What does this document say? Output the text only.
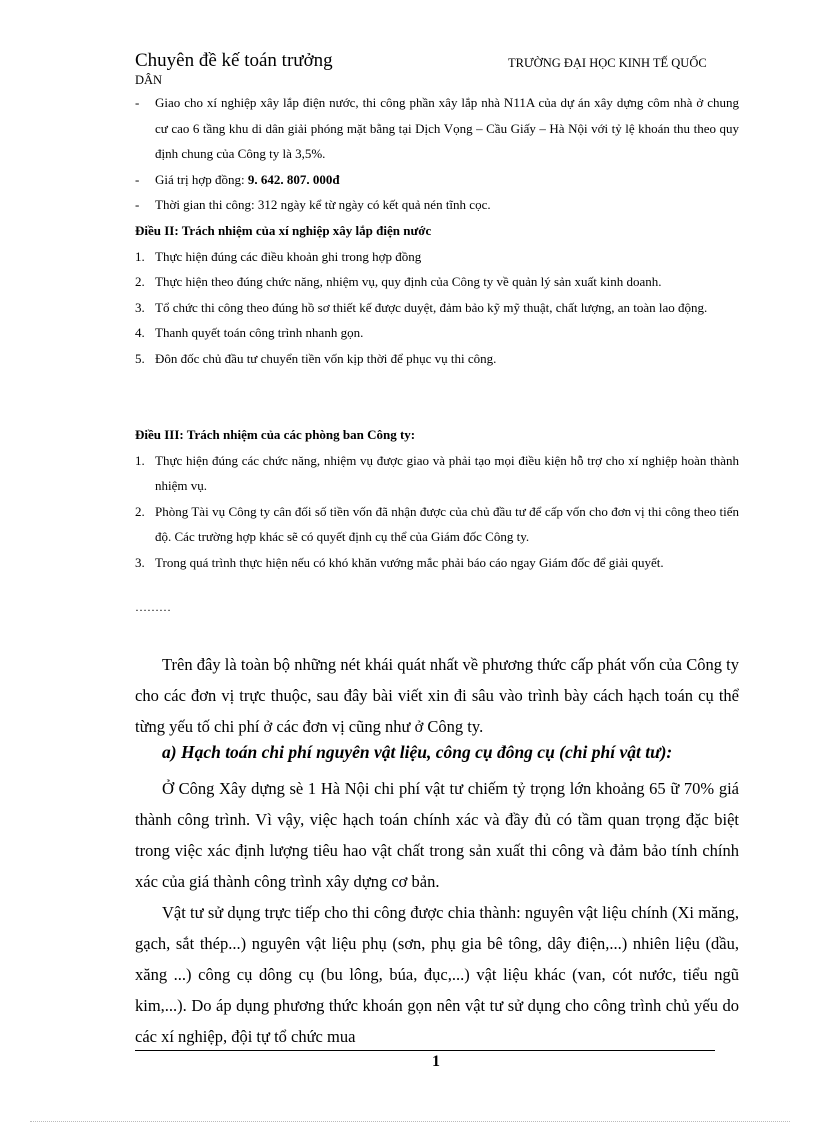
Chuyên đề kế toán trưởng	TRƯỜNG ĐẠI HỌC KINH TẾ QUỐC
DÂN
- Giao cho xí nghiệp xây lắp điện nước, thi công phần xây lắp nhà N11A của dự án xây dựng côm nhà ở chung cư cao 6 tầng khu di dân giải phóng mặt bằng tại Dịch Vọng – Cầu Giấy – Hà Nội với tỷ lệ khoán thu theo quy định chung của Công ty là 3,5%.
- Giá trị hợp đồng: 9. 642. 807. 000đ
- Thời gian thi công: 312 ngày kể từ ngày có kết quả nén tĩnh cọc.
Điều II: Trách nhiệm của xí nghiệp xây lắp điện nước
1. Thực hiện đúng các điều khoản ghi trong hợp đồng
2. Thực hiện theo đúng chức năng, nhiệm vụ, quy định của Công ty về quản lý sản xuất kinh doanh.
3. Tổ chức thi công theo đúng hồ sơ thiết kế được duyệt, đảm bảo kỹ mỹ thuật, chất lượng, an toàn lao động.
4. Thanh quyết toán công trình nhanh gọn.
5. Đôn đốc chủ đầu tư chuyển tiền vốn kịp thời để phục vụ thi công.
Điều III: Trách nhiệm của các phòng ban Công ty:
1. Thực hiện đúng các chức năng, nhiệm vụ được giao và phải tạo mọi điều kiện hỗ trợ cho xí nghiệp hoàn thành nhiệm vụ.
2. Phòng Tài vụ Công ty cân đối số tiền vốn đã nhận được của chủ đầu tư để cấp vốn cho đơn vị thi công theo tiến độ. Các trường hợp khác sẽ có quyết định cụ thể của Giám đốc Công ty.
3. Trong quá trình thực hiện nếu có khó khăn vướng mắc phải báo cáo ngay Giám đốc để giải quyết.
………
Trên đây là toàn bộ những nét khái quát nhất về phương thức cấp phát vốn của Công ty cho các đơn vị trực thuộc, sau đây bài viết xin đi sâu vào trình bày cách hạch toán cụ thể từng yếu tố chi phí ở các đơn vị cũng như ở Công ty.
a) Hạch toán chi phí nguyên vật liệu, công cụ đông cụ (chi phí vật tư):
Ở Công Xây dựng sè 1 Hà Nội chi phí vật tư chiếm tỷ trọng lớn khoảng 65 ữ 70% giá thành công trình. Vì vậy, việc hạch toán chính xác và đầy đủ có tầm quan trọng đặc biệt trong việc xác định lượng tiêu hao vật chất trong sản xuất thi công và đảm bảo tính chính xác của giá thành công trình xây dựng cơ bản.
Vật tư sử dụng trực tiếp cho thi công được chia thành: nguyên vật liệu chính (Xi măng, gạch, sắt thép...) nguyên vật liệu phụ (sơn, phụ gia bê tông, dây điện,...) nhiên liệu (dầu, xăng ...) công cụ dông cụ (bu lông, búa, đục,...) vật liệu khác (van, cót nước, tiểu ngũ kim,...). Do áp dụng phương thức khoán gọn nên vật tư sử dụng cho công trình chủ yếu do các xí nghiệp, đội tự tổ chức mua
1
